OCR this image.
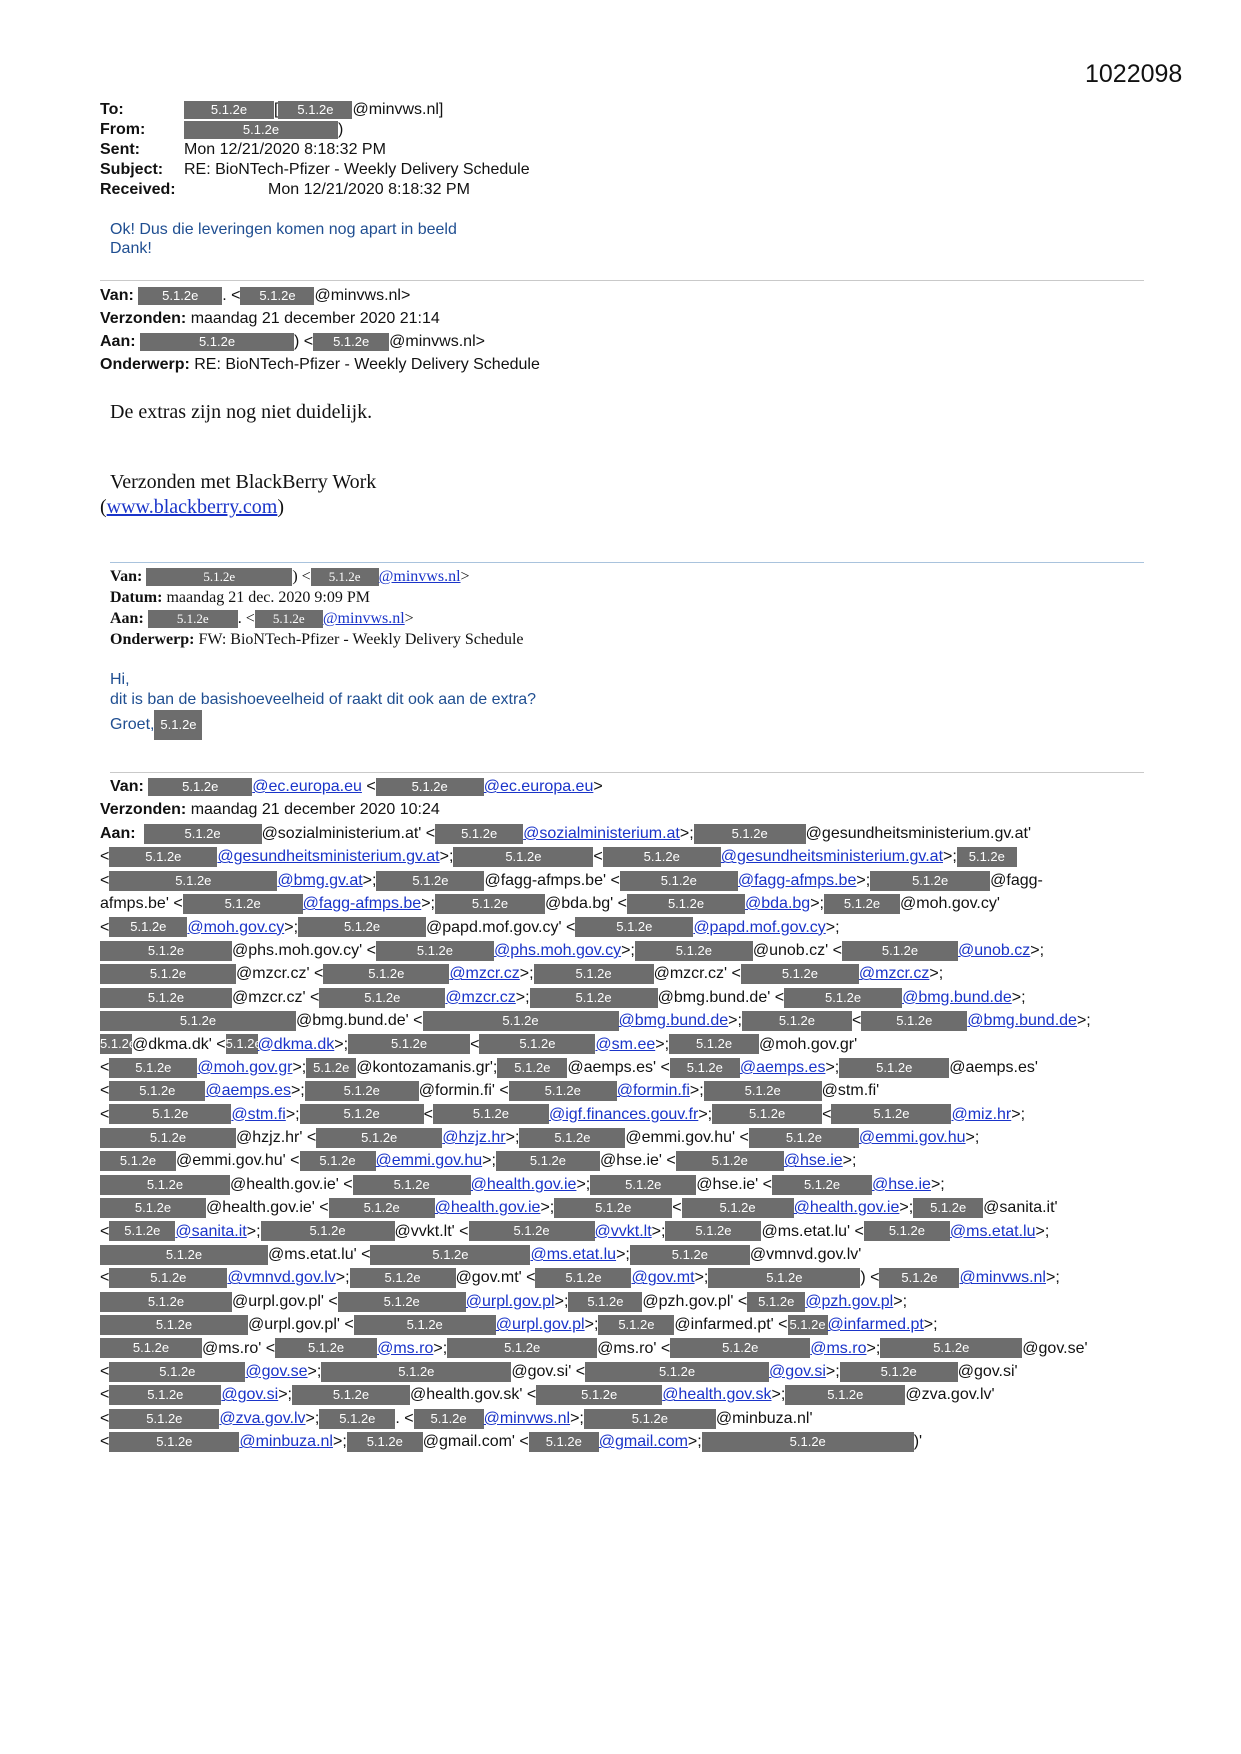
1022098
To:	5.1.2e [ 5.1.2e @minvws.nl]
From:	5.1.2e	)
Sent:	Mon 12/21/2020 8:18:32 PM
Subject: RE: BioNTech-Pfizer - Weekly Delivery Schedule
Received:	Mon 12/21/2020 8:18:32 PM
Ok! Dus die leveringen komen nog apart in beeld
Dank!
Van: 5.1.2e . < 5.1.2e @minvws.nl>
Verzonden: maandag 21 december 2020 21:14
Aan:	5.1.2e	) < 5.1.2e @minvws.nl>
Onderwerp: RE: BioNTech-Pfizer - Weekly Delivery Schedule
De extras zijn nog niet duidelijk.
Verzonden met BlackBerry Work
(www.blackberry.com)
Van:	5.1.2e	) < 5.1.2e @minvws.nl>
Datum: maandag 21 dec. 2020 9:09 PM
Aan:	5.1.2e . < 5.1.2e @minvws.nl>
Onderwerp: FW: BioNTech-Pfizer - Weekly Delivery Schedule
Hi,
dit is ban de basishoeveelheid of raakt dit ook aan de extra?
Groet, 5.1.2e
Van:	5.1.2e @ec.europa.eu <	5.1.2e @ec.europa.eu>
Verzonden: maandag 21 december 2020 10:24
Aan:	5.1.2e	@sozialministerium.at' < 5.1.2e @sozialministerium.at>;	5.1.2e @gesundheitsministerium.gv.at'
<	5.1.2e @gesundheitsministerium.gv.at>;	5.1.2e	<	5.1.2e	@gesundheitsministerium.gv.at>; 5.1.2e
<	5.1.2e	@bmg.gv.at>;	5.1.2e @fagg-afmps.be' <	5.1.2e	@fagg-afmps.be>;	5.1.2e	@fagg-
afmps.be' <	5.1.2e	@fagg-afmps.be>;	5.1.2e @bda.bg' <	5.1.2e	@bda.bg>; 5.1.2e @moh.gov.cy'
< 5.1.2e @moh.gov.cy>;	5.1.2e	@papd.mof.gov.cy' <	5.1.2e	@papd.mof.gov.cy>;
5.1.2e	@phs.moh.gov.cy' <	5.1.2e	@phs.moh.gov.cy>;	5.1.2e	@unob.cz' <	5.1.2e @unob.cz>;
5.1.2e	@mzcr.cz' <	5.1.2e	@mzcr.cz>;	5.1.2e	@mzcr.cz' <	5.1.2e	@mzcr.cz>;
5.1.2e	@mzcr.cz' <	5.1.2e	@mzcr.cz>;	5.1.2e	@bmg.bund.de' <	5.1.2e	@bmg.bund.de>;
5.1.2e	@bmg.bund.de' <	5.1.2e	@bmg.bund.de>;	5.1.2e <	5.1.2e @bmg.bund.de>;
5.1.2e@dkma.dk' <5.1.2e@dkma.dk>;	5.1.2e	<	5.1.2e @sm.ee>; 5.1.2e @moh.gov.gr'
< 5.1.2e @moh.gov.gr>; 5.1.2e @kontozamanis.gr'; 5.1.2e @aemps.es' < 5.1.2e @aemps.es>;	5.1.2e @aemps.es'
< 5.1.2e @aemps.es>;	5.1.2e @formin.fi' <	5.1.2e @formin.fi>;	5.1.2e	@stm.fi'
<	5.1.2e	@stm.fi>;	5.1.2e	<	5.1.2e @igf.finances.gouv.fr>;	5.1.2e <	5.1.2e	@miz.hr>;
5.1.2e	@hzjz.hr' <	5.1.2e	@hzjz.hr>;	5.1.2e @emmi.gov.hu' <	5.1.2e @emmi.gov.hu>;
5.1.2e @emmi.gov.hu' < 5.1.2e @emmi.gov.hu>;	5.1.2e @hse.ie' <	5.1.2e @hse.ie>;
5.1.2e	@health.gov.ie' <	5.1.2e	@health.gov.ie>;	5.1.2e @hse.ie' < 5.1.2e @hse.ie>;
5.1.2e @health.gov.ie' <	5.1.2e @health.gov.ie>;	5.1.2e	<	5.1.2e @health.gov.ie>; 5.1.2e @sanita.it'
< 5.1.2e @sanita.it>;	5.1.2e	@vvkt.lt' <	5.1.2e	@vvkt.lt>; 5.1.2e @ms.etat.lu' < 5.1.2e @ms.etat.lu>;
5.1.2e	@ms.etat.lu' <	5.1.2e	@ms.etat.lu>;	5.1.2e	@vmnvd.gov.lv'
<	5.1.2e	@vmnvd.gov.lv>;	5.1.2e @gov.mt' < 5.1.2e @gov.mt>;	5.1.2e	) < 5.1.2e @minvws.nl>;
5.1.2e	@urpl.gov.pl' <	5.1.2e	@urpl.gov.pl>; 5.1.2e @pzh.gov.pl' < 5.1.2e @pzh.gov.pl>;
5.1.2e	@urpl.gov.pl' <	5.1.2e	@urpl.gov.pl>; 5.1.2e @infarmed.pt' < 5.1.2e @infarmed.pt>;
5.1.2e @ms.ro' <	5.1.2e @ms.ro>;	5.1.2e	@ms.ro' <	5.1.2e	@ms.ro>;	5.1.2e	@gov.se'
<	5.1.2e	@gov.se>;	5.1.2e	@gov.si' <	5.1.2e	@gov.si>;	5.1.2e	@gov.si'
<	5.1.2e @gov.si>;	5.1.2e	@health.gov.sk' <	5.1.2e	@health.gov.sk>;	5.1.2e	@zva.gov.lv'
<	5.1.2e @zva.gov.lv>; 5.1.2e . < 5.1.2e @minvws.nl>;	5.1.2e	@minbuza.nl'
<	5.1.2e	@minbuza.nl>; 5.1.2e @gmail.com' < 5.1.2e @gmail.com>;	5.1.2e	)'
